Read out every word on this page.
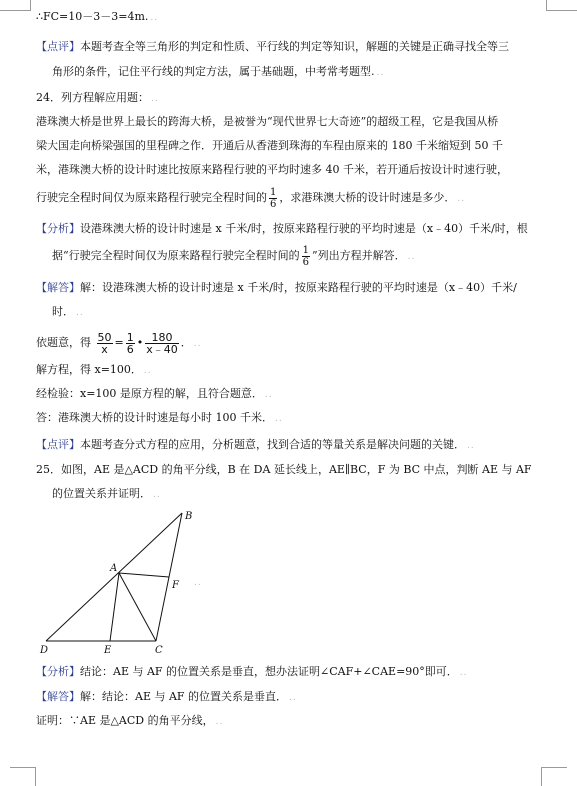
∴FC=10－3－3=4m. ..
【点评】本题考查全等三角形的判定和性质、平行线的判定等知识，解题的关键是正确寻找全等三
角形的条件，记住平行线的判定方法，属于基础题，中考常考题型. ..
24．列方程解应用题： ..
港珠澳大桥是世界上最长的跨海大桥，是被誉为“现代世界七大奇迹”的超级工程，它是我国从桥
梁大国走向桥梁强国的里程碑之作．开通后从香港到珠海的车程由原来的 180 千米缩短到 50 千
米，港珠澳大桥的设计时速比按原来路程行驶的平均时速多 40 千米，若开通后按设计时速行驶，
行驶完全程时间仅为原来路程行驶完全程时间的 $\frac{1}{6}$ ，求港珠澳大桥的设计时速是多少． ..
【分析】设港珠澳大桥的设计时速是 x 千米/时，按原来路程行驶的平均时速是（x﹣40）千米/时，根
据“行驶完全程时间仅为原来路程行驶完全程时间的 $\frac{1}{6}$ ”列出方程并解答． ..
【解答】解：设港珠澳大桥的设计时速是 x 千米/时，按原来路程行驶的平均时速是（x﹣40）千米/
时． ..
依题意，得 $\frac{50}{x} = \frac{1}{6}$ • $\frac{180}{x﹣40}$ ． ..
解方程，得 x=100． ..
经检验：x=100 是原方程的解，且符合题意． ..
答：港珠澳大桥的设计时速是每小时 100 千米． ..
【点评】本题考查分式方程的应用，分析题意，找到合适的等量关系是解决问题的关键． ..
25．如图，AE 是△ACD 的角平分线，B 在 DA 延长线上，AE∥BC，F 为 BC 中点，判断 AE 与 AF
的位置关系并证明． ..
B
A
F
D	E	C
..
【分析】结论：AE 与 AF 的位置关系是垂直，想办法证明∠CAF+∠CAE=90°即可． ..
【解答】解：结论：AE 与 AF 的位置关系是垂直． ..
证明：∵AE 是△ACD 的角平分线， ..
